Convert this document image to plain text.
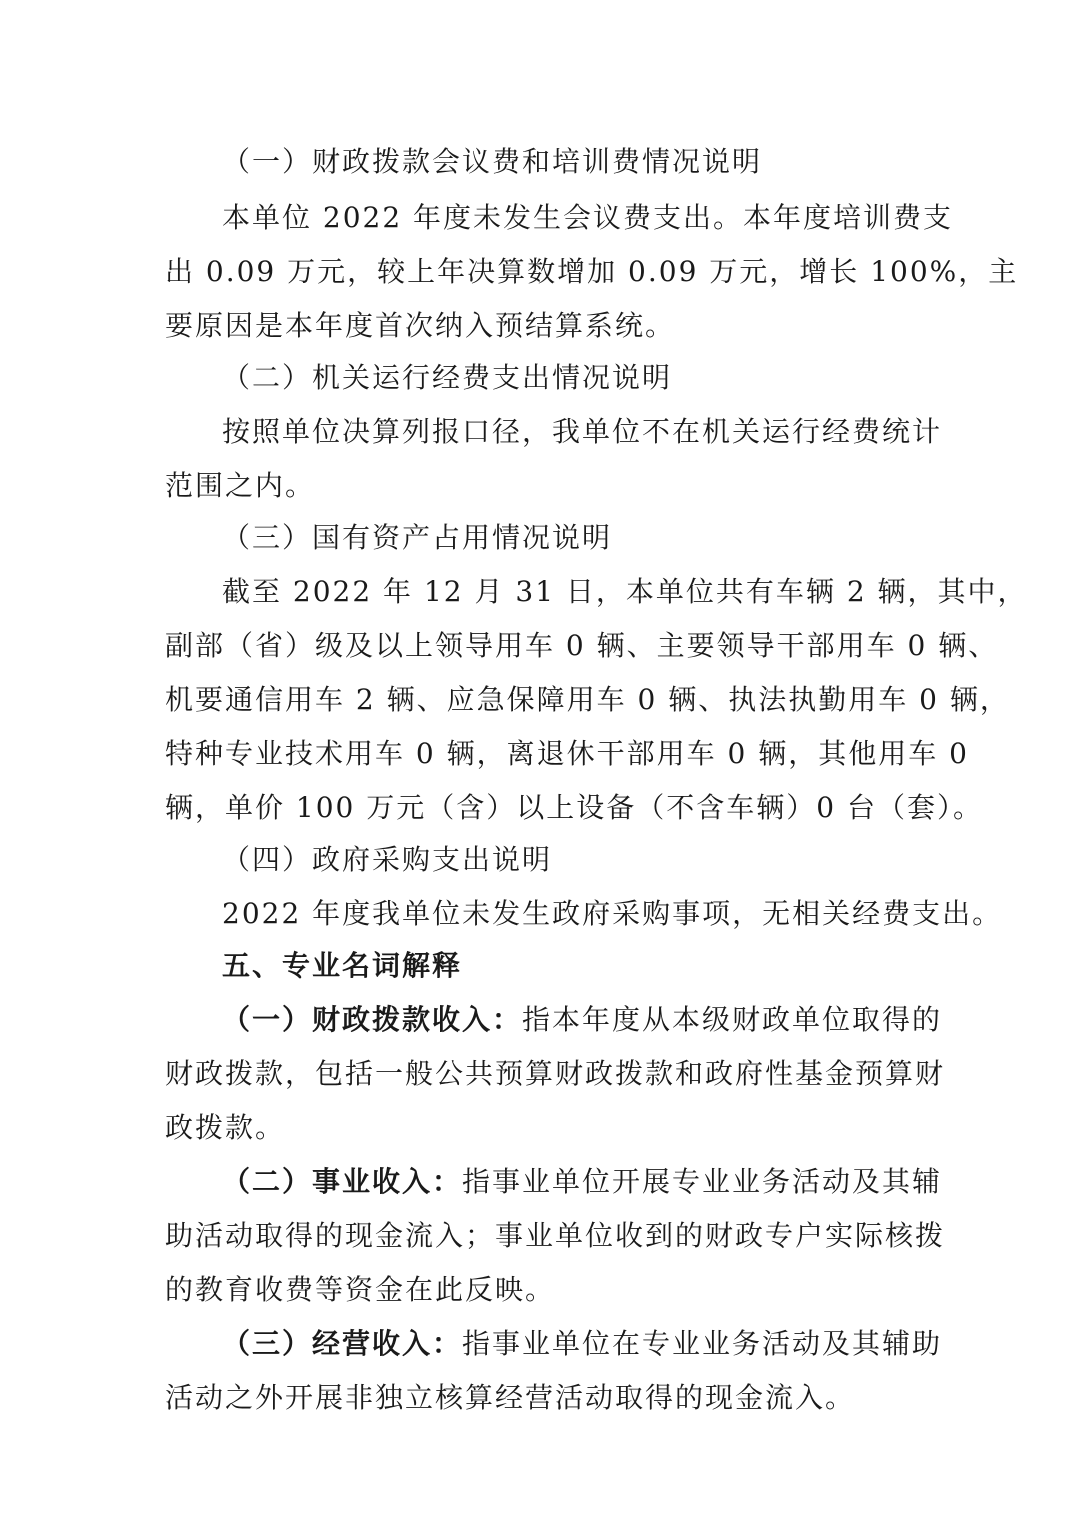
（一）财政拨款会议费和培训费情况说明
本单位 2022 年度未发生会议费支出。本年度培训费支
出 0.09 万元，较上年决算数增加 0.09 万元，增长 100%，主
要原因是本年度首次纳入预结算系统。
（二）机关运行经费支出情况说明
按照单位决算列报口径，我单位不在机关运行经费统计
范围之内。
（三）国有资产占用情况说明
截至 2022 年 12 月 31 日，本单位共有车辆 2 辆，其中，
副部（省）级及以上领导用车 0 辆、主要领导干部用车 0 辆、
机要通信用车 2 辆、应急保障用车 0 辆、执法执勤用车 0 辆，
特种专业技术用车 0 辆，离退休干部用车 0 辆，其他用车 0
辆，单价 100 万元（含）以上设备（不含车辆）0 台（套）。
（四）政府采购支出说明
2022 年度我单位未发生政府采购事项，无相关经费支出。
五、专业名词解释
（一）财政拨款收入：指本年度从本级财政单位取得的
财政拨款，包括一般公共预算财政拨款和政府性基金预算财
政拨款。
（二）事业收入：指事业单位开展专业业务活动及其辅
助活动取得的现金流入；事业单位收到的财政专户实际核拨
的教育收费等资金在此反映。
（三）经营收入：指事业单位在专业业务活动及其辅助
活动之外开展非独立核算经营活动取得的现金流入。
